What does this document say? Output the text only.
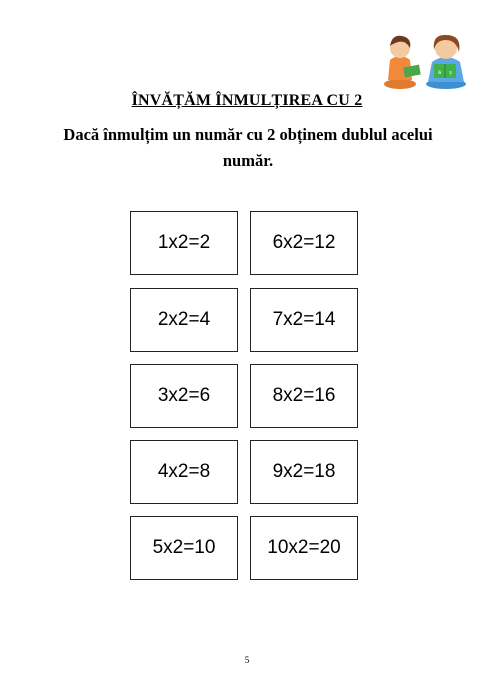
ă ș
ÎNVĂȚĂM ÎNMULȚIREA CU 2
Dacă înmulțim un număr cu 2 obținem dublul acelui număr.
1x2=2	6x2=12
2x2=4	7x2=14
3x2=6	8x2=16
4x2=8	9x2=18
5x2=10	10x2=20
5
